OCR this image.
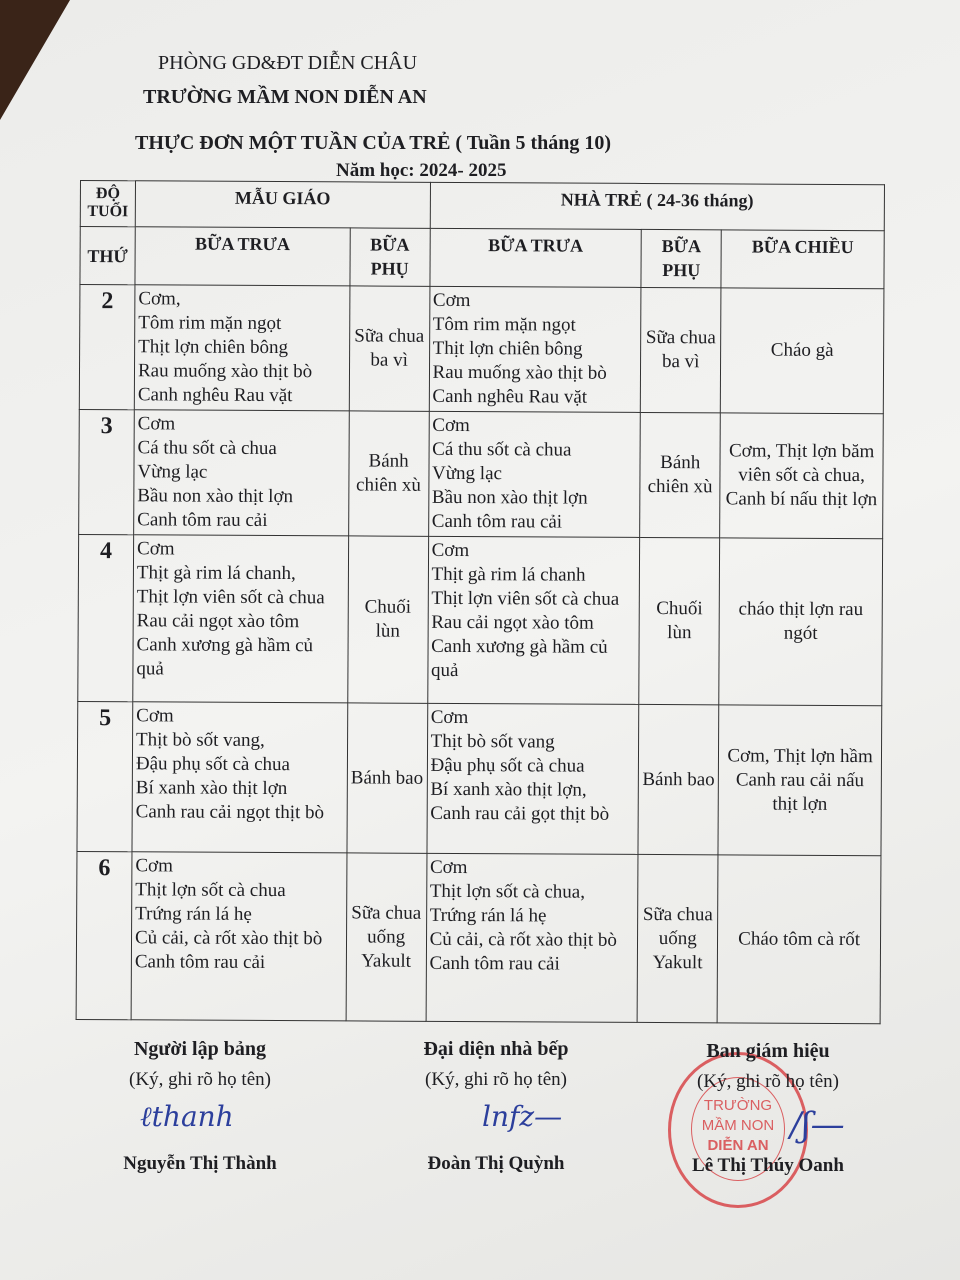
PHÒNG GD&ĐT DIỄN CHÂU
TRƯỜNG MẦM NON DIỄN AN
THỰC ĐƠN MỘT TUẦN CỦA TRẺ ( Tuần 5 tháng 10)
Năm học: 2024- 2025
ĐỘ TUỔI	MẪU GIÁO		NHÀ TRẺ ( 24-36 tháng)		
THỨ	BỮA TRƯA	BỮA PHỤ	BỮA TRƯA	BỮA PHỤ	BỮA CHIỀU
2	Cơm,
Tôm rim mặn ngọt
Thịt lợn chiên bông
Rau muống xào thịt bò
Canh nghêu Rau vặt	Sữa chua ba vì	Cơm
Tôm rim mặn ngọt
Thịt lợn chiên bông
Rau muống xào thịt bò
Canh nghêu Rau vặt	Sữa chua ba vì	Cháo gà
3	Cơm
Cá thu sốt cà chua
Vừng lạc
Bầu non xào thịt lợn
Canh tôm rau cải	Bánh chiên xù	Cơm
Cá thu sốt cà chua
Vừng lạc
Bầu non xào thịt lợn
Canh tôm rau cải	Bánh chiên xù	Cơm, Thịt lợn băm viên sốt cà chua, Canh bí nấu thịt lợn
4	Cơm
Thịt gà rim lá chanh,
Thịt lợn viên sốt cà chua
Rau cải ngọt xào tôm
Canh xương gà hầm củ quả	Chuối lùn	Cơm
Thịt gà rim lá chanh
Thịt lợn viên sốt cà chua
Rau cải ngọt xào tôm
Canh xương gà hầm củ quả	Chuối lùn	cháo thịt lợn rau ngót
5	Cơm
Thịt bò sốt vang,
Đậu phụ sốt cà chua
Bí xanh xào thịt lợn
Canh rau cải ngọt thịt bò	Bánh bao	Cơm
Thịt bò sốt vang
Đậu phụ sốt cà chua
Bí xanh xào thịt lợn,
Canh rau cải gọt thịt bò	Bánh bao	Cơm, Thịt lợn hầm Canh rau cải nấu thịt lợn
6	Cơm
Thịt lợn sốt cà chua
Trứng rán lá hẹ
Củ cải, cà rốt xào thịt bò
Canh tôm rau cải	Sữa chua uống Yakult	Cơm
Thịt lợn sốt cà chua,
Trứng rán lá hẹ
Củ cải, cà rốt xào thịt bò
Canh tôm rau cải	Sữa chua uống Yakult	Cháo tôm cà rốt
Người lập bảng
(Ký, ghi rõ họ tên)
Nguyễn Thị Thành
ℓthanh
Đại diện nhà bếp
(Ký, ghi rõ họ tên)
Đoàn Thị Quỳnh
lnfz—	TRƯỜNG
MẦM NON
DIỄN AN
Ban giám hiệu
(Ký, ghi rõ họ tên)
Lê Thị Thúy Oanh
/ʃ—
